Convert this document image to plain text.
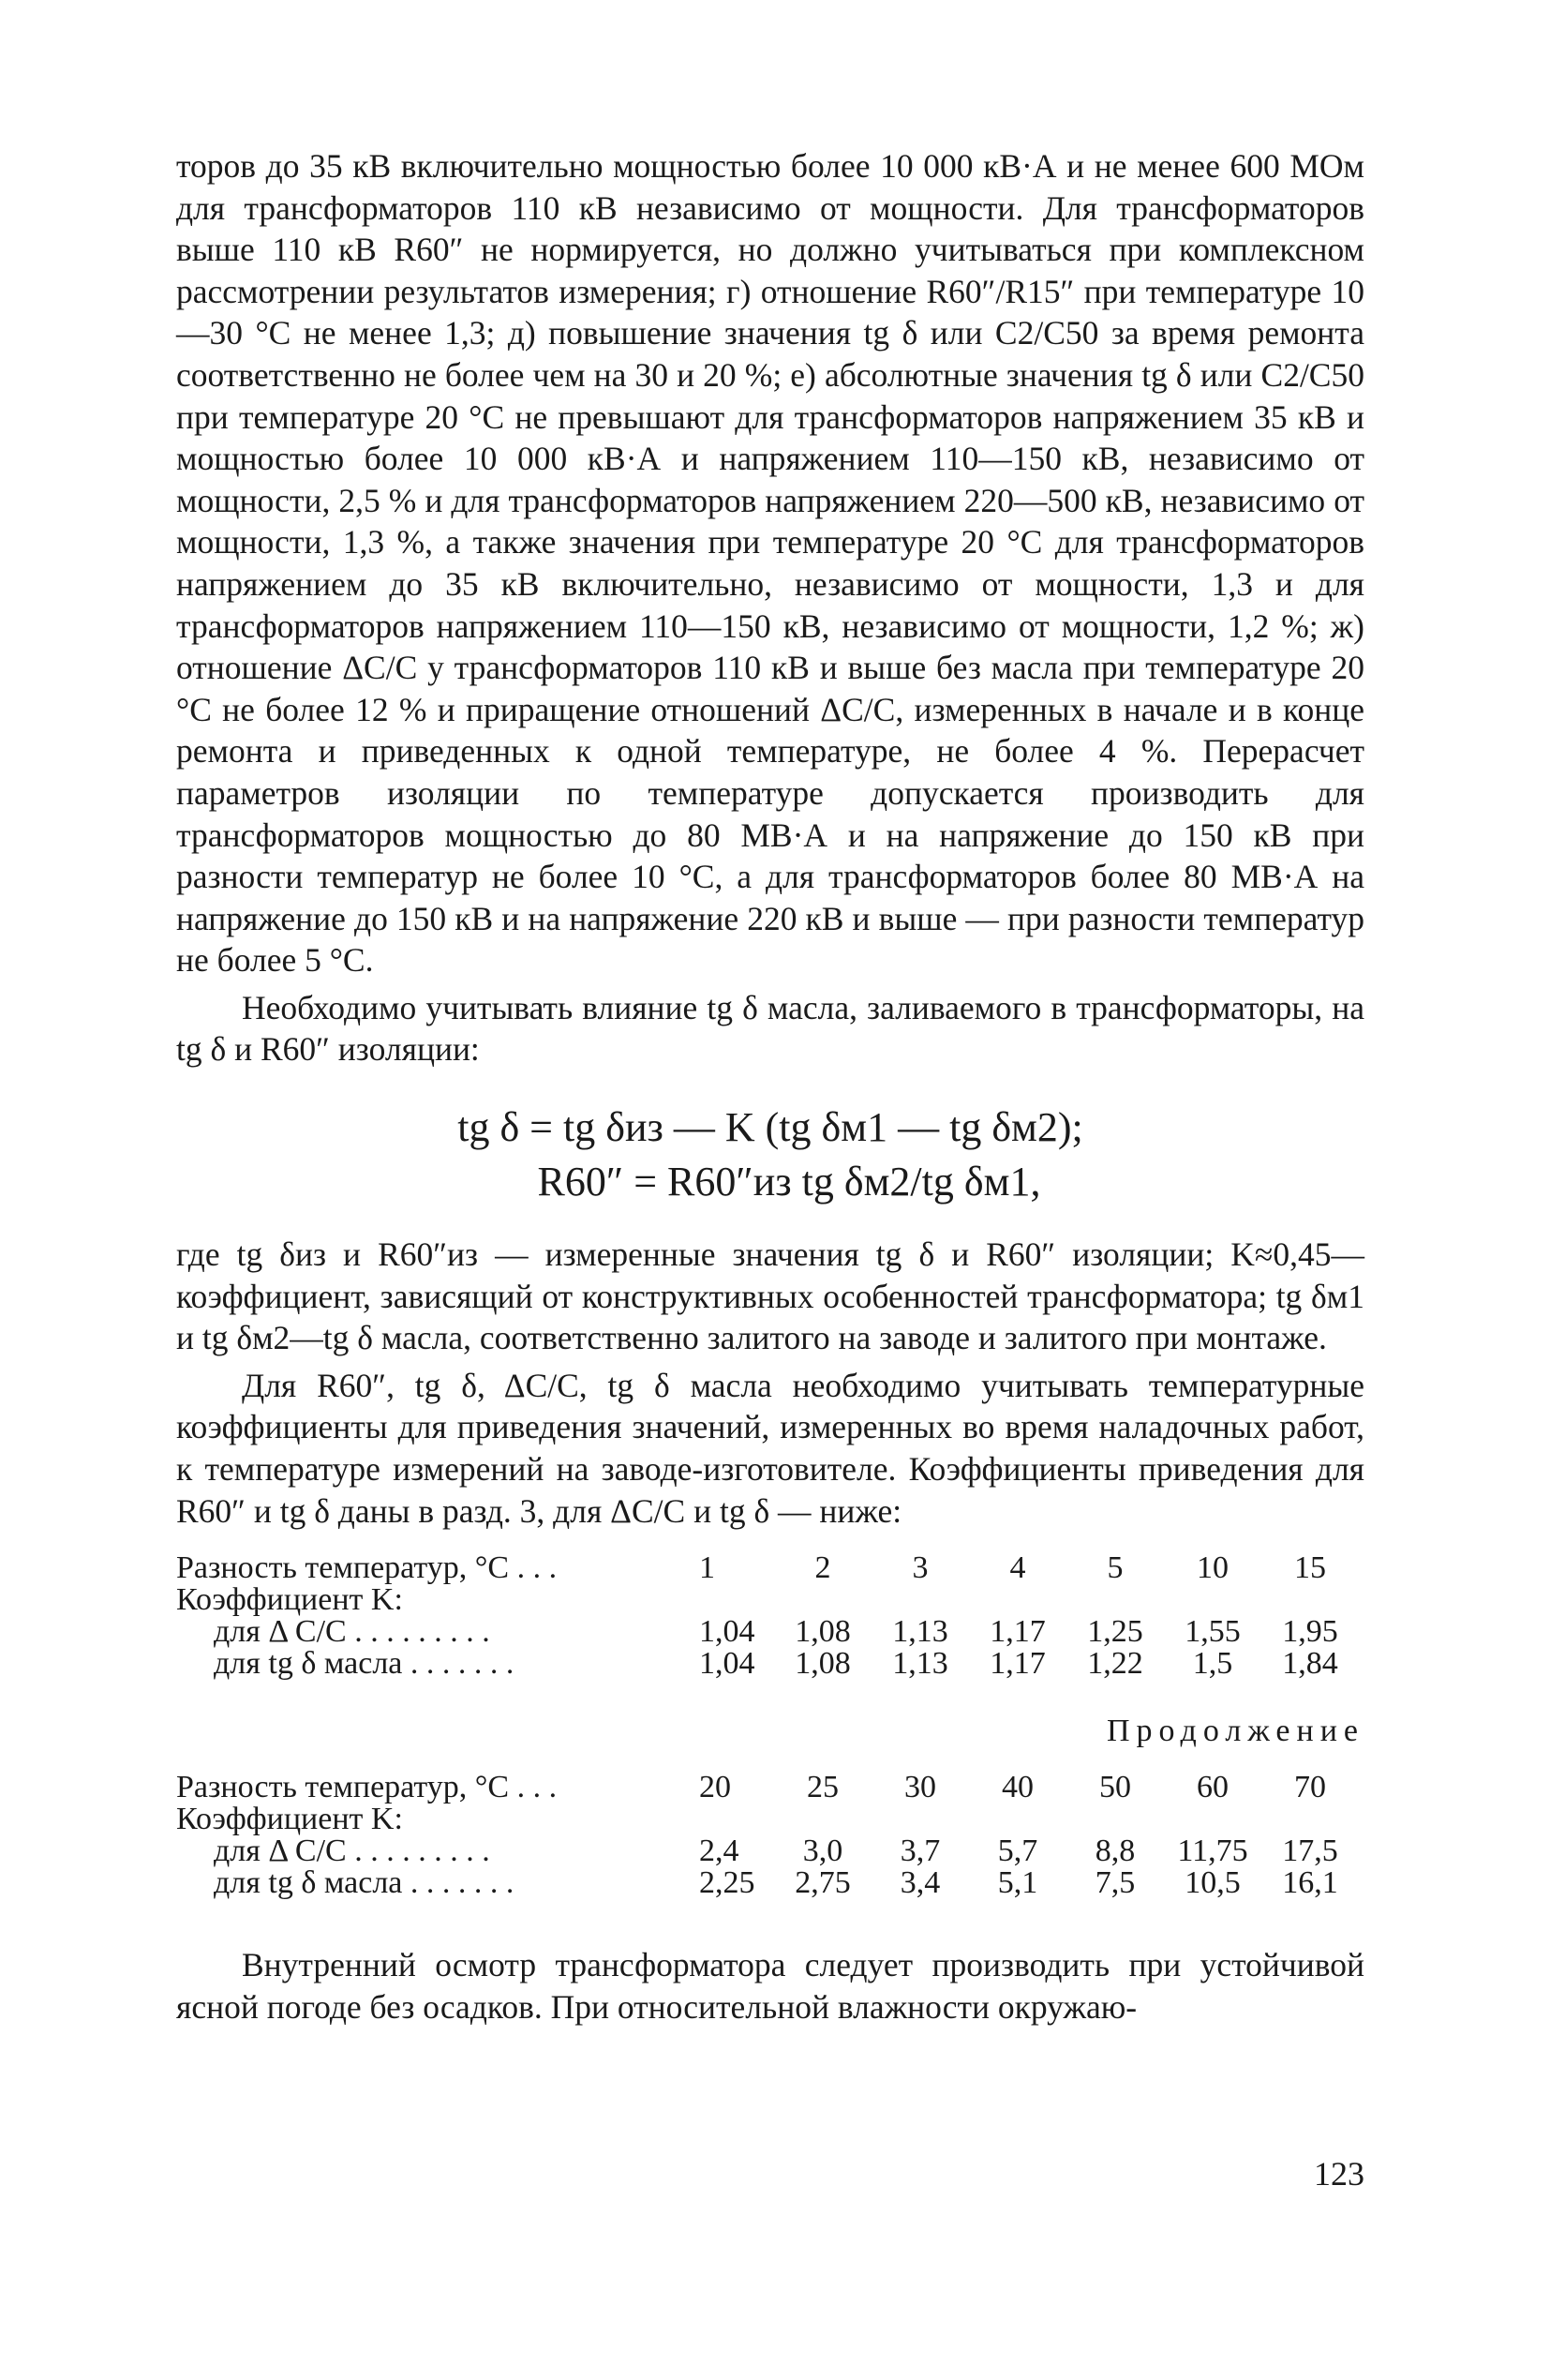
торов до 35 кВ включительно мощностью более 10 000 кВ·А и не менее 600 МОм для трансформаторов 110 кВ независимо от мощности. Для трансформаторов выше 110 кВ R60″ не нормируется, но должно учитываться при комплексном рассмотрении результатов измерения; г) отношение R60″/R15″ при температуре 10—30 °С не менее 1,3; д) повышение значения tg δ или C2/C50 за время ремонта соответственно не более чем на 30 и 20 %; е) абсолютные значения tg δ или C2/C50 при температуре 20 °С не превышают для трансформаторов напряжением 35 кВ и мощностью более 10 000 кВ·А и напряжением 110—150 кВ, независимо от мощности, 2,5 % и для трансформаторов напряжением 220—500 кВ, независимо от мощности, 1,3 %, а также значения при температуре 20 °С для трансформаторов напряжением до 35 кВ включительно, независимо от мощности, 1,3 и для трансформаторов напряжением 110—150 кВ, независимо от мощности, 1,2 %; ж) отношение ΔC/C у трансформаторов 110 кВ и выше без масла при температуре 20 °С не более 12 % и приращение отношений ΔC/C, измеренных в начале и в конце ремонта и приведенных к одной температуре, не более 4 %. Перерасчет параметров изоляции по температуре допускается производить для трансформаторов мощностью до 80 МВ·А и на напряжение до 150 кВ при разности температур не более 10 °С, а для трансформаторов более 80 МВ·А на напряжение до 150 кВ и на напряжение 220 кВ и выше — при разности температур не более 5 °С.

Необходимо учитывать влияние tg δ масла, заливаемого в трансформаторы, на tg δ и R60″ изоляции:

tg δ = tg δиз — K (tg δм1 — tg δм2);
R60″ = R60″из tg δм2/tg δм1,

где tg δиз и R60″из — измеренные значения tg δ и R60″ изоляции; K≈0,45— коэффициент, зависящий от конструктивных особенностей трансформатора; tg δм1 и tg δм2—tg δ масла, соответственно залитого на заводе и залитого при монтаже.

Для R60″, tg δ, ΔC/C, tg δ масла необходимо учитывать температурные коэффициенты для приведения значений, измеренных во время наладочных работ, к температуре измерений на заводе-изготовителе. Коэффициенты приведения для R60″ и tg δ даны в разд. 3, для ΔC/C и tg δ — ниже:

Разность температур, °С . . .	1	2	3	4	5	10	15
Коэффициент K:
для Δ C/C . . . . . . . . .	1,04	1,08	1,13	1,17	1,25	1,55	1,95
для tg δ масла . . . . . . .	1,04	1,08	1,13	1,17	1,22	1,5	1,84
Продолжение
Разность температур, °С . . .	20	25	30	40	50	60	70
Коэффициент K:
для Δ C/C . . . . . . . . .	2,4	3,0	3,7	5,7	8,8	11,75	17,5
для tg δ масла . . . . . . .	2,25	2,75	3,4	5,1	7,5	10,5	16,1

Внутренний осмотр трансформатора следует производить при устойчивой ясной погоде без осадков. При относительной влажности окружаю-

123
